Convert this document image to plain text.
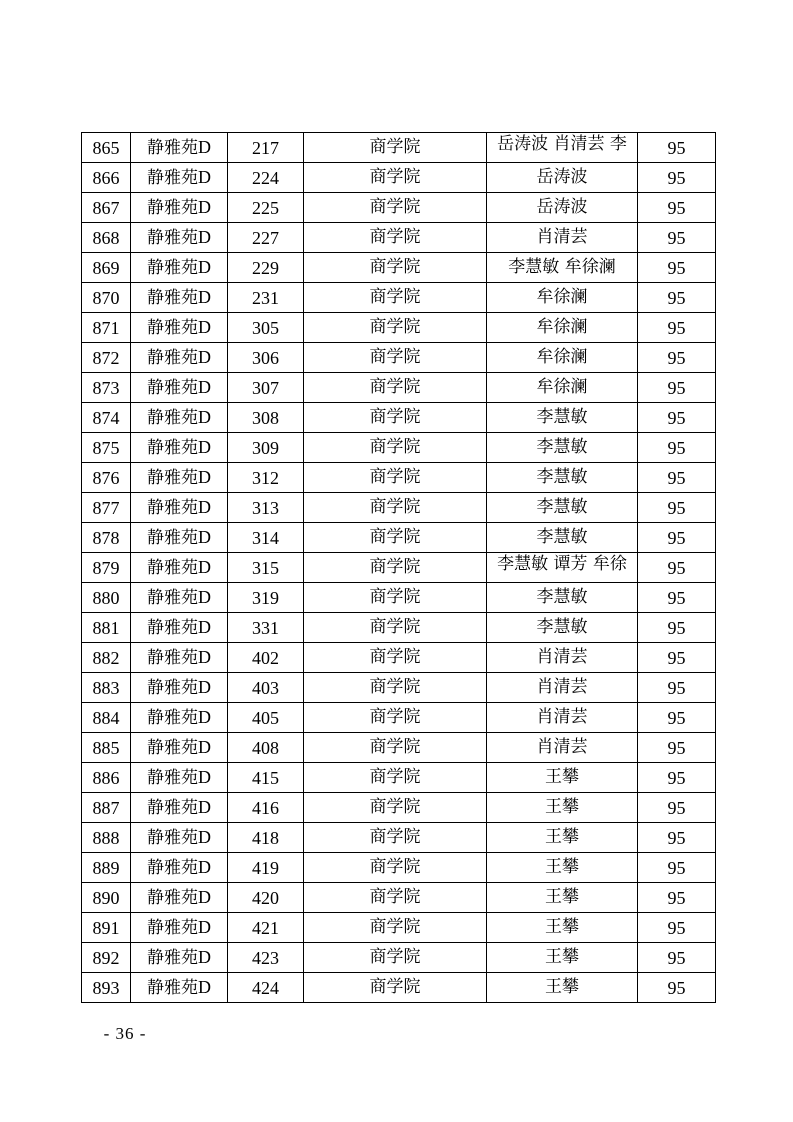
865	静雅苑D	217	商学院	岳涛波 肖清芸 李	95
866	静雅苑D	224	商学院	岳涛波	95
867	静雅苑D	225	商学院	岳涛波	95
868	静雅苑D	227	商学院	肖清芸	95
869	静雅苑D	229	商学院	李慧敏 牟徐澜	95
870	静雅苑D	231	商学院	牟徐澜	95
871	静雅苑D	305	商学院	牟徐澜	95
872	静雅苑D	306	商学院	牟徐澜	95
873	静雅苑D	307	商学院	牟徐澜	95
874	静雅苑D	308	商学院	李慧敏	95
875	静雅苑D	309	商学院	李慧敏	95
876	静雅苑D	312	商学院	李慧敏	95
877	静雅苑D	313	商学院	李慧敏	95
878	静雅苑D	314	商学院	李慧敏	95
879	静雅苑D	315	商学院	李慧敏 谭芳 牟徐	95
880	静雅苑D	319	商学院	李慧敏	95
881	静雅苑D	331	商学院	李慧敏	95
882	静雅苑D	402	商学院	肖清芸	95
883	静雅苑D	403	商学院	肖清芸	95
884	静雅苑D	405	商学院	肖清芸	95
885	静雅苑D	408	商学院	肖清芸	95
886	静雅苑D	415	商学院	王攀	95
887	静雅苑D	416	商学院	王攀	95
888	静雅苑D	418	商学院	王攀	95
889	静雅苑D	419	商学院	王攀	95
890	静雅苑D	420	商学院	王攀	95
891	静雅苑D	421	商学院	王攀	95
892	静雅苑D	423	商学院	王攀	95
893	静雅苑D	424	商学院	王攀	95
- 36 -
